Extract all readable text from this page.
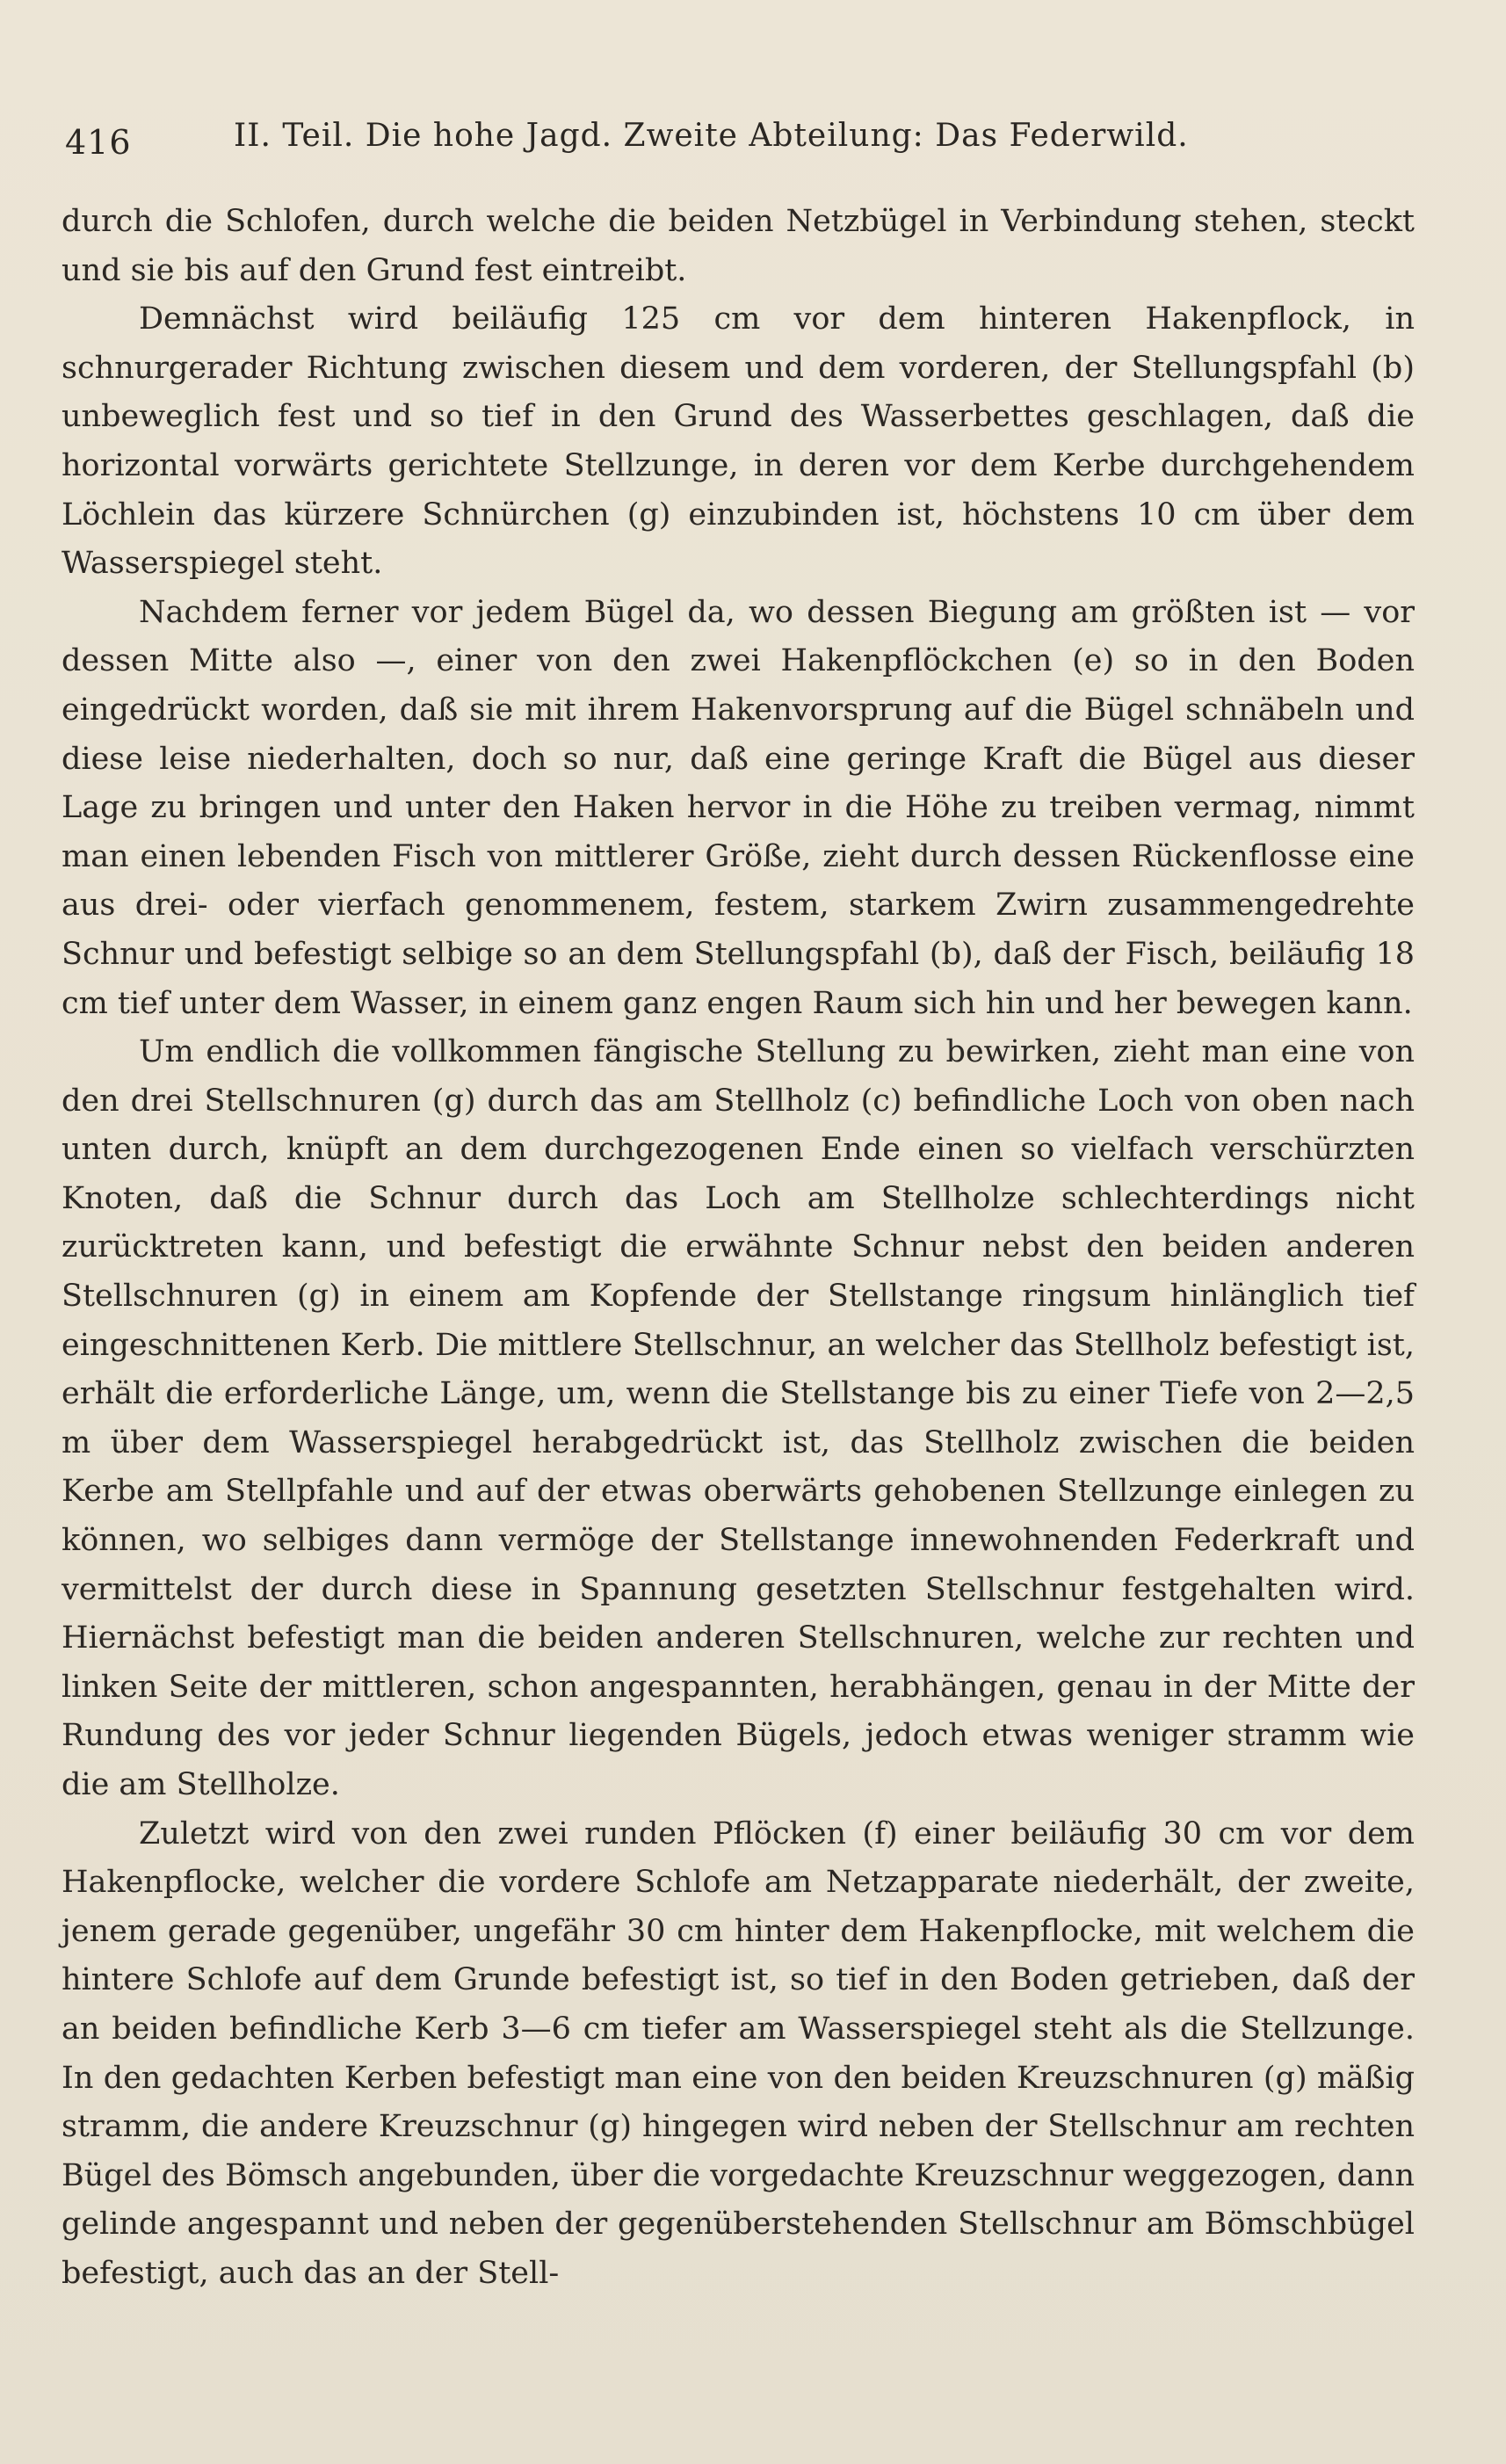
416	II. Teil. Die hohe Jagd. Zweite Abteilung: Das Federwild.

durch die Schlofen, durch welche die beiden Netzbügel in Verbindung stehen, steckt und sie bis auf den Grund fest eintreibt.

Demnächst wird beiläufig 125 cm vor dem hinteren Hakenpflock, in schnurgerader Richtung zwischen diesem und dem vorderen, der Stellungspfahl (b) unbeweglich fest und so tief in den Grund des Wasserbettes geschlagen, daß die horizontal vorwärts gerichtete Stellzunge, in deren vor dem Kerbe durchgehendem Löchlein das kürzere Schnürchen (g) einzubinden ist, höchstens 10 cm über dem Wasserspiegel steht.

Nachdem ferner vor jedem Bügel da, wo dessen Biegung am größten ist — vor dessen Mitte also —, einer von den zwei Hakenpflöckchen (e) so in den Boden eingedrückt worden, daß sie mit ihrem Hakenvorsprung auf die Bügel schnäbeln und diese leise niederhalten, doch so nur, daß eine geringe Kraft die Bügel aus dieser Lage zu bringen und unter den Haken hervor in die Höhe zu treiben vermag, nimmt man einen lebenden Fisch von mittlerer Größe, zieht durch dessen Rückenflosse eine aus drei- oder vierfach genommenem, festem, starkem Zwirn zusammengedrehte Schnur und befestigt selbige so an dem Stellungspfahl (b), daß der Fisch, beiläufig 18 cm tief unter dem Wasser, in einem ganz engen Raum sich hin und her bewegen kann.

Um endlich die vollkommen fängische Stellung zu bewirken, zieht man eine von den drei Stellschnuren (g) durch das am Stellholz (c) befindliche Loch von oben nach unten durch, knüpft an dem durchgezogenen Ende einen so vielfach verschürzten Knoten, daß die Schnur durch das Loch am Stellholze schlechterdings nicht zurücktreten kann, und befestigt die erwähnte Schnur nebst den beiden anderen Stellschnuren (g) in einem am Kopfende der Stellstange ringsum hinlänglich tief eingeschnittenen Kerb. Die mittlere Stellschnur, an welcher das Stellholz befestigt ist, erhält die erforderliche Länge, um, wenn die Stellstange bis zu einer Tiefe von 2—2,5 m über dem Wasserspiegel herabgedrückt ist, das Stellholz zwischen die beiden Kerbe am Stellpfahle und auf der etwas oberwärts gehobenen Stellzunge einlegen zu können, wo selbiges dann vermöge der Stellstange innewohnenden Federkraft und vermittelst der durch diese in Spannung gesetzten Stellschnur festgehalten wird. Hiernächst befestigt man die beiden anderen Stellschnuren, welche zur rechten und linken Seite der mittleren, schon angespannten, herabhängen, genau in der Mitte der Rundung des vor jeder Schnur liegenden Bügels, jedoch etwas weniger stramm wie die am Stellholze.

Zuletzt wird von den zwei runden Pflöcken (f) einer beiläufig 30 cm vor dem Hakenpflocke, welcher die vordere Schlofe am Netzapparate niederhält, der zweite, jenem gerade gegenüber, ungefähr 30 cm hinter dem Hakenpflocke, mit welchem die hintere Schlofe auf dem Grunde befestigt ist, so tief in den Boden getrieben, daß der an beiden befindliche Kerb 3—6 cm tiefer am Wasserspiegel steht als die Stellzunge. In den gedachten Kerben befestigt man eine von den beiden Kreuzschnuren (g) mäßig stramm, die andere Kreuzschnur (g) hingegen wird neben der Stellschnur am rechten Bügel des Bömsch angebunden, über die vorgedachte Kreuzschnur weggezogen, dann gelinde angespannt und neben der gegenüberstehenden Stellschnur am Bömschbügel befestigt, auch das an der Stell-
